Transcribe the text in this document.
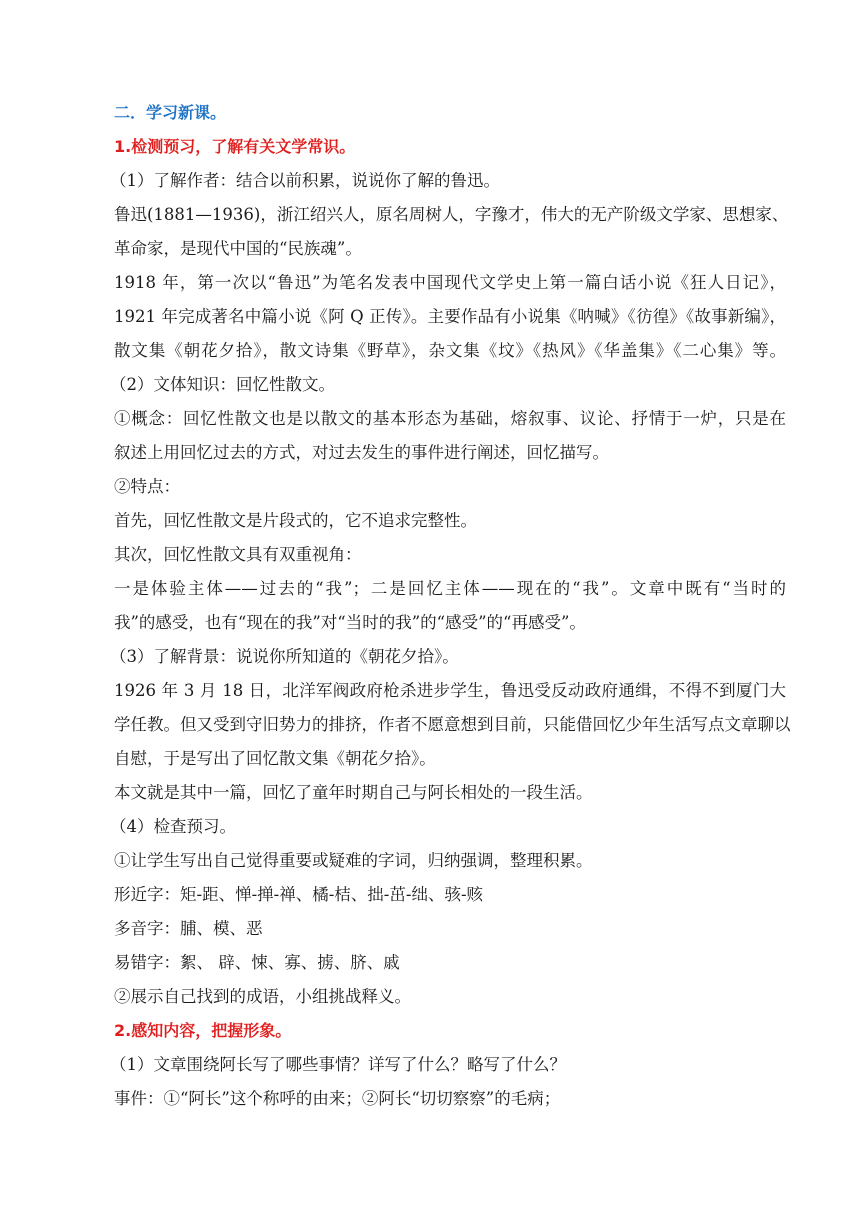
二．学习新课。
1.检测预习，了解有关文学常识。
（1）了解作者：结合以前积累，说说你了解的鲁迅。
鲁迅(1881—1936)，浙江绍兴人，原名周树人，字豫才，伟大的无产阶级文学家、思想家、
革命家，是现代中国的“民族魂”。
1918 年，第一次以“鲁迅”为笔名发表中国现代文学史上第一篇白话小说《狂人日记》，
1921 年完成著名中篇小说《阿 Q 正传》。主要作品有小说集《呐喊》《彷徨》《故事新编》，
散文集《朝花夕拾》，散文诗集《野草》，杂文集《坟》《热风》《华盖集》《二心集》等。
（2）文体知识：回忆性散文。
①概念：回忆性散文也是以散文的基本形态为基础，熔叙事、议论、抒情于一炉，只是在
叙述上用回忆过去的方式，对过去发生的事件进行阐述，回忆描写。
②特点：
首先，回忆性散文是片段式的，它不追求完整性。
其次，回忆性散文具有双重视角：
一是体验主体——过去的“我”；二是回忆主体——现在的“我”。文章中既有“当时的
我”的感受，也有“现在的我”对“当时的我”的“感受”的“再感受”。
（3）了解背景：说说你所知道的《朝花夕拾》。
1926 年 3 月 18 日，北洋军阀政府枪杀进步学生，鲁迅受反动政府通缉，不得不到厦门大
学任教。但又受到守旧势力的排挤，作者不愿意想到目前，只能借回忆少年生活写点文章聊以
自慰，于是写出了回忆散文集《朝花夕拾》。
本文就是其中一篇，回忆了童年时期自己与阿长相处的一段生活。
（4）检查预习。
①让学生写出自己觉得重要或疑难的字词，归纳强调，整理积累。
形近字：矩-距、惮-掸-禅、橘-桔、拙-茁-绌、骇-赅
多音字：脯、模、恶
易错字：絮、 辟、悚、寡、掳、脐、戚
②展示自己找到的成语，小组挑战释义。
2.感知内容，把握形象。
（1）文章围绕阿长写了哪些事情？详写了什么？略写了什么？
事件：①“阿长”这个称呼的由来；②阿长“切切察察”的毛病；
